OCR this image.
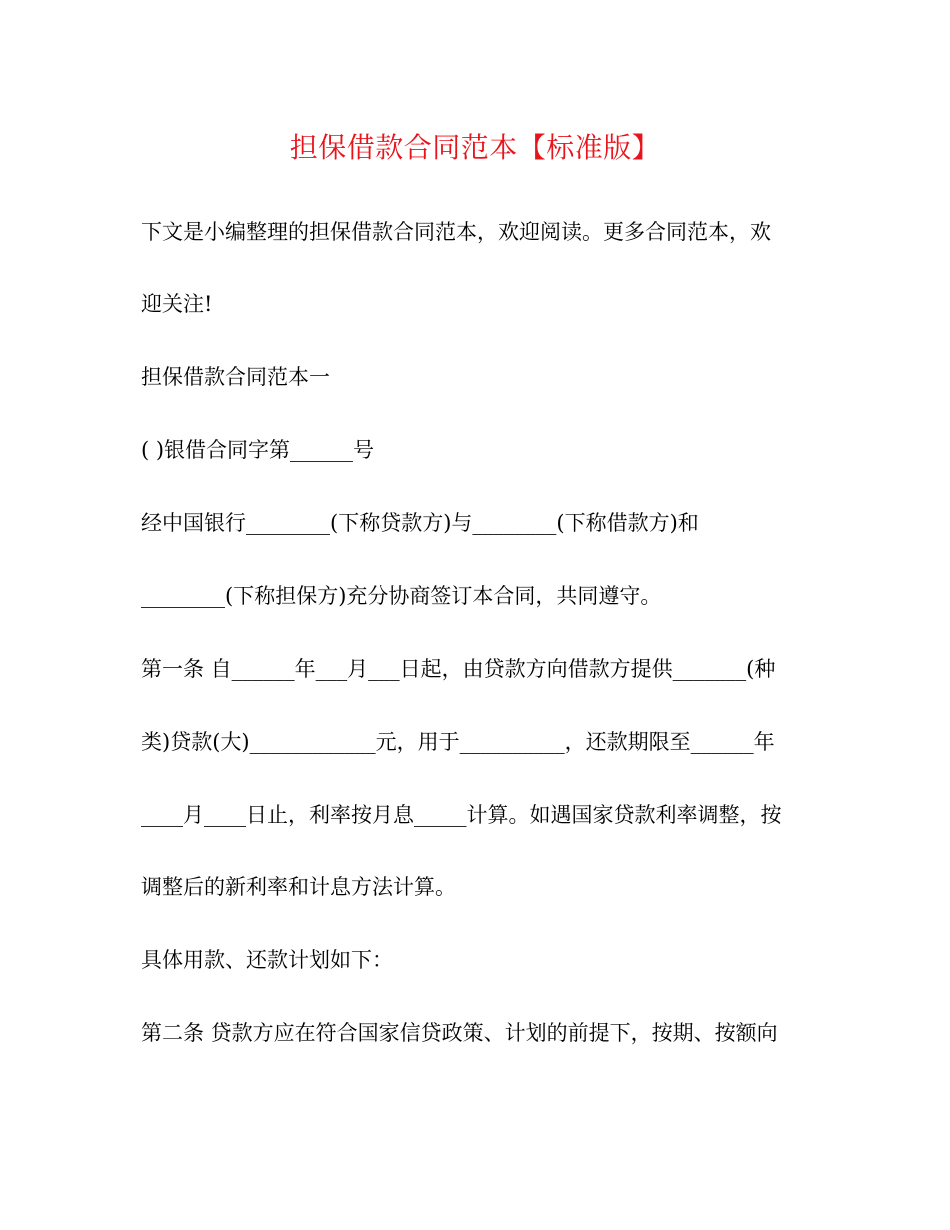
担保借款合同范本【标准版】
下文是小编整理的担保借款合同范本，欢迎阅读。更多合同范本，欢
迎关注!
担保借款合同范本一
( )银借合同字第______号
经中国银行________(下称贷款方)与________(下称借款方)和
________(下称担保方)充分协商签订本合同，共同遵守。
第一条 自______年___月___日起，由贷款方向借款方提供_______(种
类)贷款(大)____________元，用于__________，还款期限至______年
____月____日止，利率按月息_____计算。如遇国家贷款利率调整，按
调整后的新利率和计息方法计算。
具体用款、还款计划如下：
第二条 贷款方应在符合国家信贷政策、计划的前提下，按期、按额向
